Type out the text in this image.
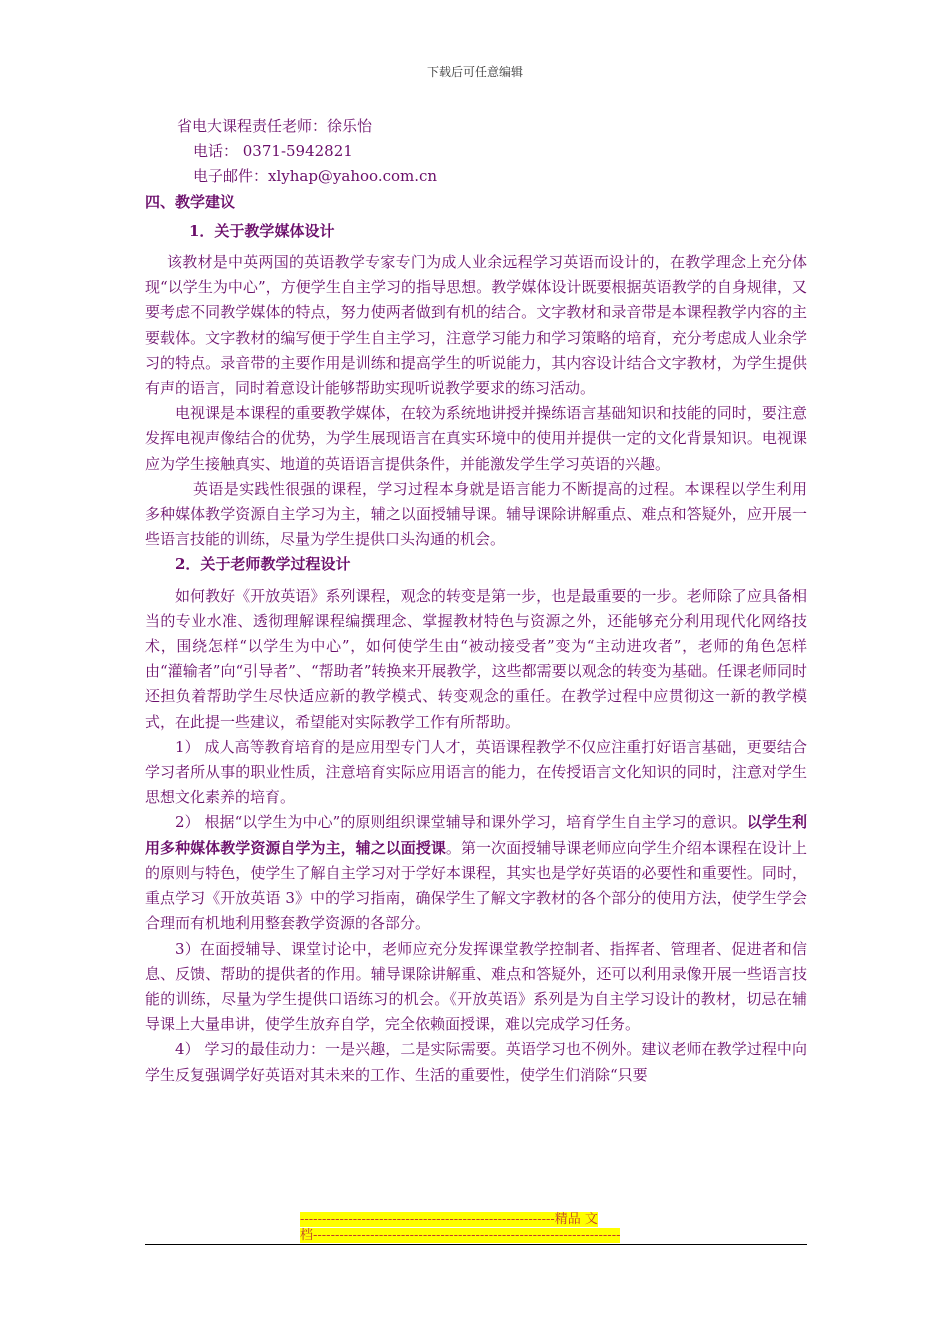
下载后可任意编辑

省电大课程责任老师：徐乐怡

电话： 0371-5942821

电子邮件：xlyhap@yahoo.com.cn

四、教学建议

1．关于教学媒体设计

该教材是中英两国的英语教学专家专门为成人业余远程学习英语而设计的，在教学理念上充分体现“以学生为中心”，方便学生自主学习的指导思想。教学媒体设计既要根据英语教学的自身规律，又要考虑不同教学媒体的特点，努力使两者做到有机的结合。文字教材和录音带是本课程教学内容的主要载体。文字教材的编写便于学生自主学习，注意学习能力和学习策略的培育，充分考虑成人业余学习的特点。录音带的主要作用是训练和提高学生的听说能力，其内容设计结合文字教材，为学生提供有声的语言，同时着意设计能够帮助实现听说教学要求的练习活动。

电视课是本课程的重要教学媒体，在较为系统地讲授并操练语言基础知识和技能的同时，要注意发挥电视声像结合的优势，为学生展现语言在真实环境中的使用并提供一定的文化背景知识。电视课应为学生接触真实、地道的英语语言提供条件，并能激发学生学习英语的兴趣。

英语是实践性很强的课程，学习过程本身就是语言能力不断提高的过程。本课程以学生利用多种媒体教学资源自主学习为主，辅之以面授辅导课。辅导课除讲解重点、难点和答疑外，应开展一些语言技能的训练，尽量为学生提供口头沟通的机会。

2．关于老师教学过程设计

如何教好《开放英语》系列课程，观念的转变是第一步，也是最重要的一步。老师除了应具备相当的专业水准、透彻理解课程编撰理念、掌握教材特色与资源之外，还能够充分利用现代化网络技术，围绕怎样“以学生为中心”，如何使学生由“被动接受者”变为“主动进攻者”，老师的角色怎样由“灌输者”向“引导者”、“帮助者”转换来开展教学，这些都需要以观念的转变为基础。任课老师同时还担负着帮助学生尽快适应新的教学模式、转变观念的重任。在教学过程中应贯彻这一新的教学模式，在此提一些建议，希望能对实际教学工作有所帮助。

1） 成人高等教育培育的是应用型专门人才，英语课程教学不仅应注重打好语言基础，更要结合学习者所从事的职业性质，注意培育实际应用语言的能力，在传授语言文化知识的同时，注意对学生思想文化素养的培育。

2） 根据“以学生为中心”的原则组织课堂辅导和课外学习，培育学生自主学习的意识。以学生利用多种媒体教学资源自学为主，辅之以面授课。第一次面授辅导课老师应向学生介绍本课程在设计上的原则与特色，使学生了解自主学习对于学好本课程，其实也是学好英语的必要性和重要性。同时，重点学习《开放英语 3》中的学习指南，确保学生了解文字教材的各个部分的使用方法，使学生学会合理而有机地利用整套教学资源的各部分。

3）在面授辅导、课堂讨论中，老师应充分发挥课堂教学控制者、指挥者、管理者、促进者和信息、反馈、帮助的提供者的作用。辅导课除讲解重、难点和答疑外，还可以利用录像开展一些语言技能的训练，尽量为学生提供口语练习的机会。《开放英语》系列是为自主学习设计的教材，切忌在辅导课上大量串讲，使学生放弃自学，完全依赖面授课，难以完成学习任务。

4） 学习的最佳动力：一是兴趣，二是实际需要。英语学习也不例外。建议老师在教学过程中向学生反复强调学好英语对其未来的工作、生活的重要性，使学生们消除“只要

----------------------------------------------------------精品 文
档----------------------------------------------------------------------
